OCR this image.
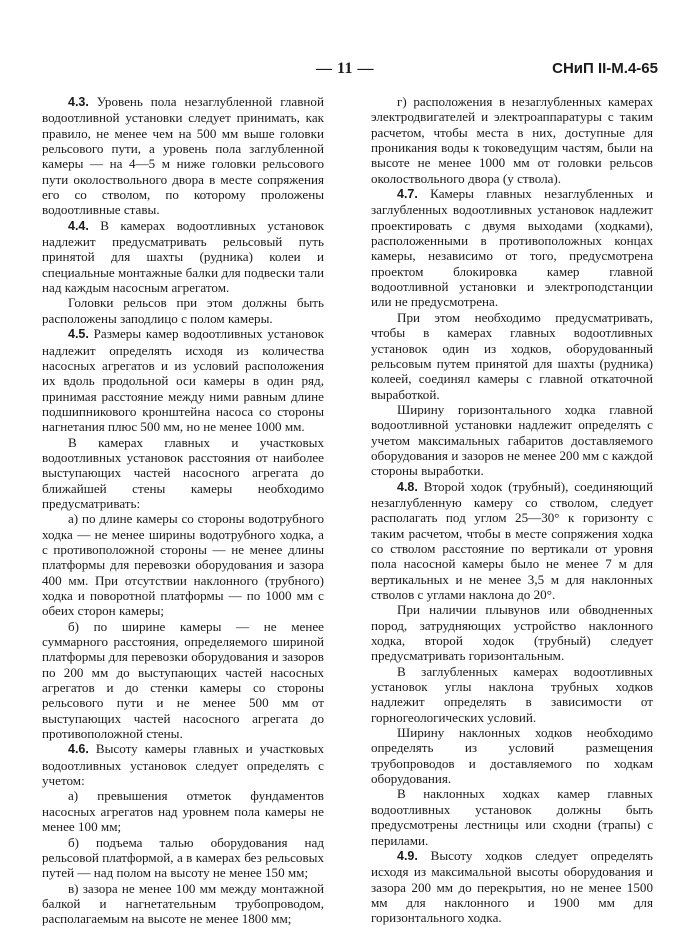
— 11 —	СНиП II-М.4-65

4.3. Уровень пола незаглубленной главной водоотливной установки следует принимать, как правило, не менее чем на 500 мм выше головки рельсового пути, а уровень пола заглубленной камеры — на 4—5 м ниже головки рельсового пути околоствольного двора в месте сопряжения его со стволом, по которому проложены водоотливные ставы.

4.4. В камерах водоотливных установок надлежит предусматривать рельсовый путь принятой для шахты (рудника) колеи и специальные монтажные балки для подвески тали над каждым насосным агрегатом.

Головки рельсов при этом должны быть расположены заподлицо с полом камеры.

4.5. Размеры камер водоотливных установок надлежит определять исходя из количества насосных агрегатов и из условий расположения их вдоль продольной оси камеры в один ряд, принимая расстояние между ними равным длине подшипникового кронштейна насоса со стороны нагнетания плюс 500 мм, но не менее 1000 мм.

В камерах главных и участковых водоотливных установок расстояния от наиболее выступающих частей насосного агрегата до ближайшей стены камеры необходимо предусматривать:

а) по длине камеры со стороны водотрубного ходка — не менее ширины водотрубного ходка, а с противоположной стороны — не менее длины платформы для перевозки оборудования и зазора 400 мм. При отсутствии наклонного (трубного) ходка и поворотной платформы — по 1000 мм с обеих сторон камеры;

б) по ширине камеры — не менее суммарного расстояния, определяемого шириной платформы для перевозки оборудования и зазоров по 200 мм до выступающих частей насосных агрегатов и до стенки камеры со стороны рельсового пути и не менее 500 мм от выступающих частей насосного агрегата до противоположной стены.

4.6. Высоту камеры главных и участковых водоотливных установок следует определять с учетом:

а) превышения отметок фундаментов насосных агрегатов над уровнем пола камеры не менее 100 мм;

б) подъема талью оборудования над рельсовой платформой, а в камерах без рельсовых путей — над полом на высоту не менее 150 мм;

в) зазора не менее 100 мм между монтажной балкой и нагнетательным трубопроводом, располагаемым на высоте не менее 1800 мм;

г) расположения в незаглубленных камерах электродвигателей и электроаппаратуры с таким расчетом, чтобы места в них, доступные для проникания воды к токоведущим частям, были на высоте не менее 1000 мм от головки рельсов околоствольного двора (у ствола).

4.7. Камеры главных незаглубленных и заглубленных водоотливных установок надлежит проектировать с двумя выходами (ходками), расположенными в противоположных концах камеры, независимо от того, предусмотрена проектом блокировка камер главной водоотливной установки и электроподстанции или не предусмотрена.

При этом необходимо предусматривать, чтобы в камерах главных водоотливных установок один из ходков, оборудованный рельсовым путем принятой для шахты (рудника) колеей, соединял камеры с главной откаточной выработкой.

Ширину горизонтального ходка главной водоотливной установки надлежит определять с учетом максимальных габаритов доставляемого оборудования и зазоров не менее 200 мм с каждой стороны выработки.

4.8. Второй ходок (трубный), соединяющий незаглубленную камеру со стволом, следует располагать под углом 25—30° к горизонту с таким расчетом, чтобы в месте сопряжения ходка со стволом расстояние по вертикали от уровня пола насосной камеры было не менее 7 м для вертикальных и не менее 3,5 м для наклонных стволов с углами наклона до 20°.

При наличии плывунов или обводненных пород, затрудняющих устройство наклонного ходка, второй ходок (трубный) следует предусматривать горизонтальным.

В заглубленных камерах водоотливных установок углы наклона трубных ходков надлежит определять в зависимости от горногеологических условий.

Ширину наклонных ходков необходимо определять из условий размещения трубопроводов и доставляемого по ходкам оборудования.

В наклонных ходках камер главных водоотливных установок должны быть предусмотрены лестницы или сходни (трапы) с перилами.

4.9. Высоту ходков следует определять исходя из максимальной высоты оборудования и зазора 200 мм до перекрытия, но не менее 1500 мм для наклонного и 1900 мм для горизонтального ходка.
